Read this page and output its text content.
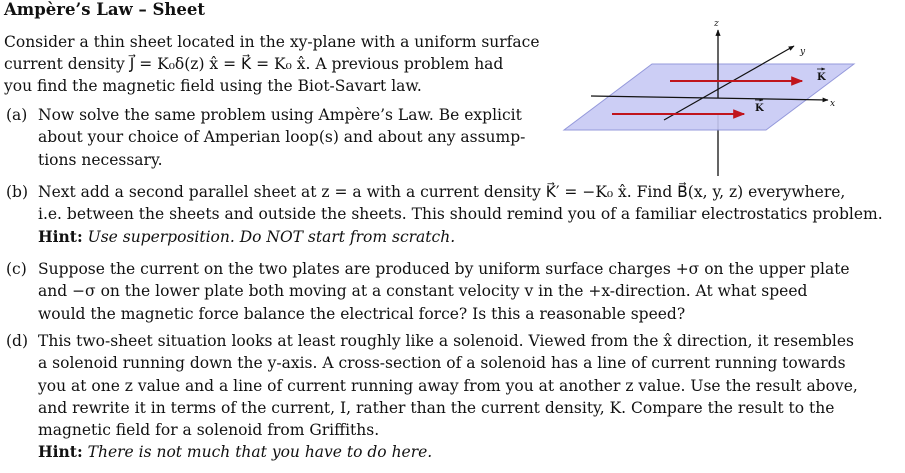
Ampère’s Law – Sheet
Consider a thin sheet located in the xy-plane with a uniform surface
current density J⃗ = K₀δ(z) x̂ = K⃗ = K₀ x̂. A previous problem had
you find the magnetic field using the Biot-Savart law.
(a) Now solve the same problem using Ampère’s Law. Be explicit
about your choice of Amperian loop(s) and about any assump-
tions necessary.
(b) Next add a second parallel sheet at z = a with a current density K⃗′ = −K₀ x̂. Find B⃗(x, y, z) everywhere,
i.e. between the sheets and outside the sheets. This should remind you of a familiar electrostatics problem.
Hint: Use superposition. Do NOT start from scratch.
(c) Suppose the current on the two plates are produced by uniform surface charges +σ on the upper plate
and −σ on the lower plate both moving at a constant velocity v in the +x-direction. At what speed
would the magnetic force balance the electrical force? Is this a reasonable speed?
(d) This two-sheet situation looks at least roughly like a solenoid. Viewed from the x̂ direction, it resembles
a solenoid running down the y-axis. A cross-section of a solenoid has a line of current running towards
you at one z value and a line of current running away from you at another z value. Use the result above,
and rewrite it in terms of the current, I, rather than the current density, K. Compare the result to the
magnetic field for a solenoid from Griffiths.
Hint: There is not much that you have to do here.
z
y
x
K
K
